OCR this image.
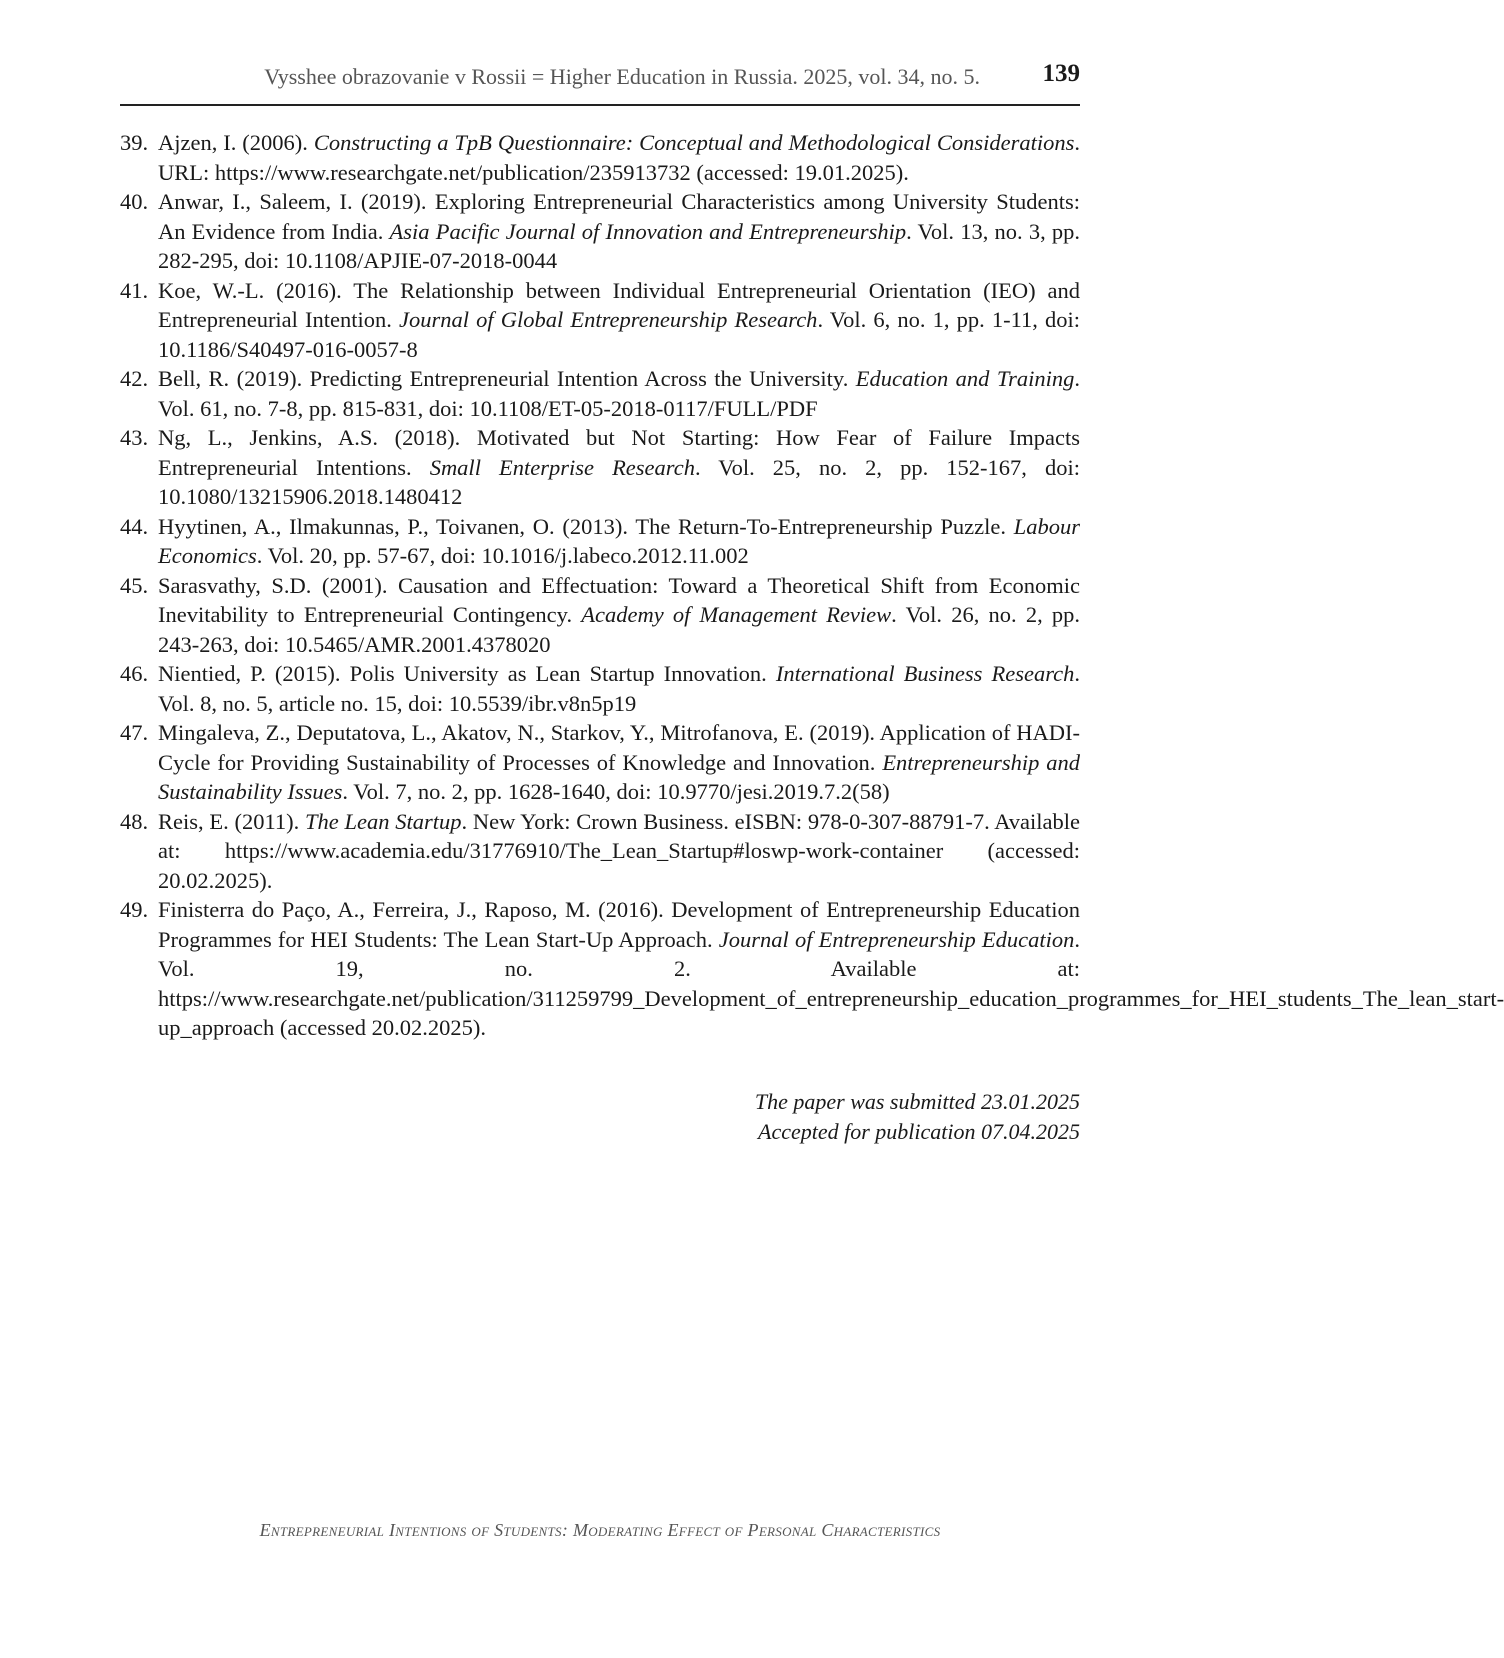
Vysshee obrazovanie v Rossii = Higher Education in Russia. 2025, vol. 34, no. 5.	139
39. Ajzen, I. (2006). Constructing a TpB Questionnaire: Conceptual and Methodological Considerations. URL: https://www.researchgate.net/publication/235913732 (accessed: 19.01.2025).
40. Anwar, I., Saleem, I. (2019). Exploring Entrepreneurial Characteristics among University Students: An Evidence from India. Asia Pacific Journal of Innovation and Entrepreneurship. Vol. 13, no. 3, pp. 282-295, doi: 10.1108/APJIE-07-2018-0044
41. Koe, W.-L. (2016). The Relationship between Individual Entrepreneurial Orientation (IEO) and Entrepreneurial Intention. Journal of Global Entrepreneurship Research. Vol. 6, no. 1, pp. 1-11, doi: 10.1186/S40497-016-0057-8
42. Bell, R. (2019). Predicting Entrepreneurial Intention Across the University. Education and Training. Vol. 61, no. 7-8, pp. 815-831, doi: 10.1108/ET-05-2018-0117/FULL/PDF
43. Ng, L., Jenkins, A.S. (2018). Motivated but Not Starting: How Fear of Failure Impacts Entrepreneurial Intentions. Small Enterprise Research. Vol. 25, no. 2, pp. 152-167, doi: 10.1080/13215906.2018.1480412
44. Hyytinen, A., Ilmakunnas, P., Toivanen, O. (2013). The Return-To-Entrepreneurship Puzzle. Labour Economics. Vol. 20, pp. 57-67, doi: 10.1016/j.labeco.2012.11.002
45. Sarasvathy, S.D. (2001). Causation and Effectuation: Toward a Theoretical Shift from Economic Inevitability to Entrepreneurial Contingency. Academy of Management Review. Vol. 26, no. 2, pp. 243-263, doi: 10.5465/AMR.2001.4378020
46. Nientied, P. (2015). Polis University as Lean Startup Innovation. International Business Research. Vol. 8, no. 5, article no. 15, doi: 10.5539/ibr.v8n5p19
47. Mingaleva, Z., Deputatova, L., Akatov, N., Starkov, Y., Mitrofanova, E. (2019). Application of HADI-Cycle for Providing Sustainability of Processes of Knowledge and Innovation. Entrepreneurship and Sustainability Issues. Vol. 7, no. 2, pp. 1628-1640, doi: 10.9770/jesi.2019.7.2(58)
48. Reis, E. (2011). The Lean Startup. New York: Crown Business. eISBN: 978-0-307-88791-7. Available at: https://www.academia.edu/31776910/The_Lean_Startup#loswp-work-container (accessed: 20.02.2025).
49. Finisterra do Paço, A., Ferreira, J., Raposo, M. (2016). Development of Entrepreneurship Education Programmes for HEI Students: The Lean Start-Up Approach. Journal of Entrepreneurship Education. Vol. 19, no. 2. Available at: https://www.researchgate.net/publication/311259799_Development_of_entrepreneurship_education_programmes_for_HEI_students_The_lean_start-up_approach (accessed 20.02.2025).
The paper was submitted 23.01.2025
Accepted for publication 07.04.2025
Entrepreneurial Intentions of Students: Moderating Effect of Personal Characteristics
